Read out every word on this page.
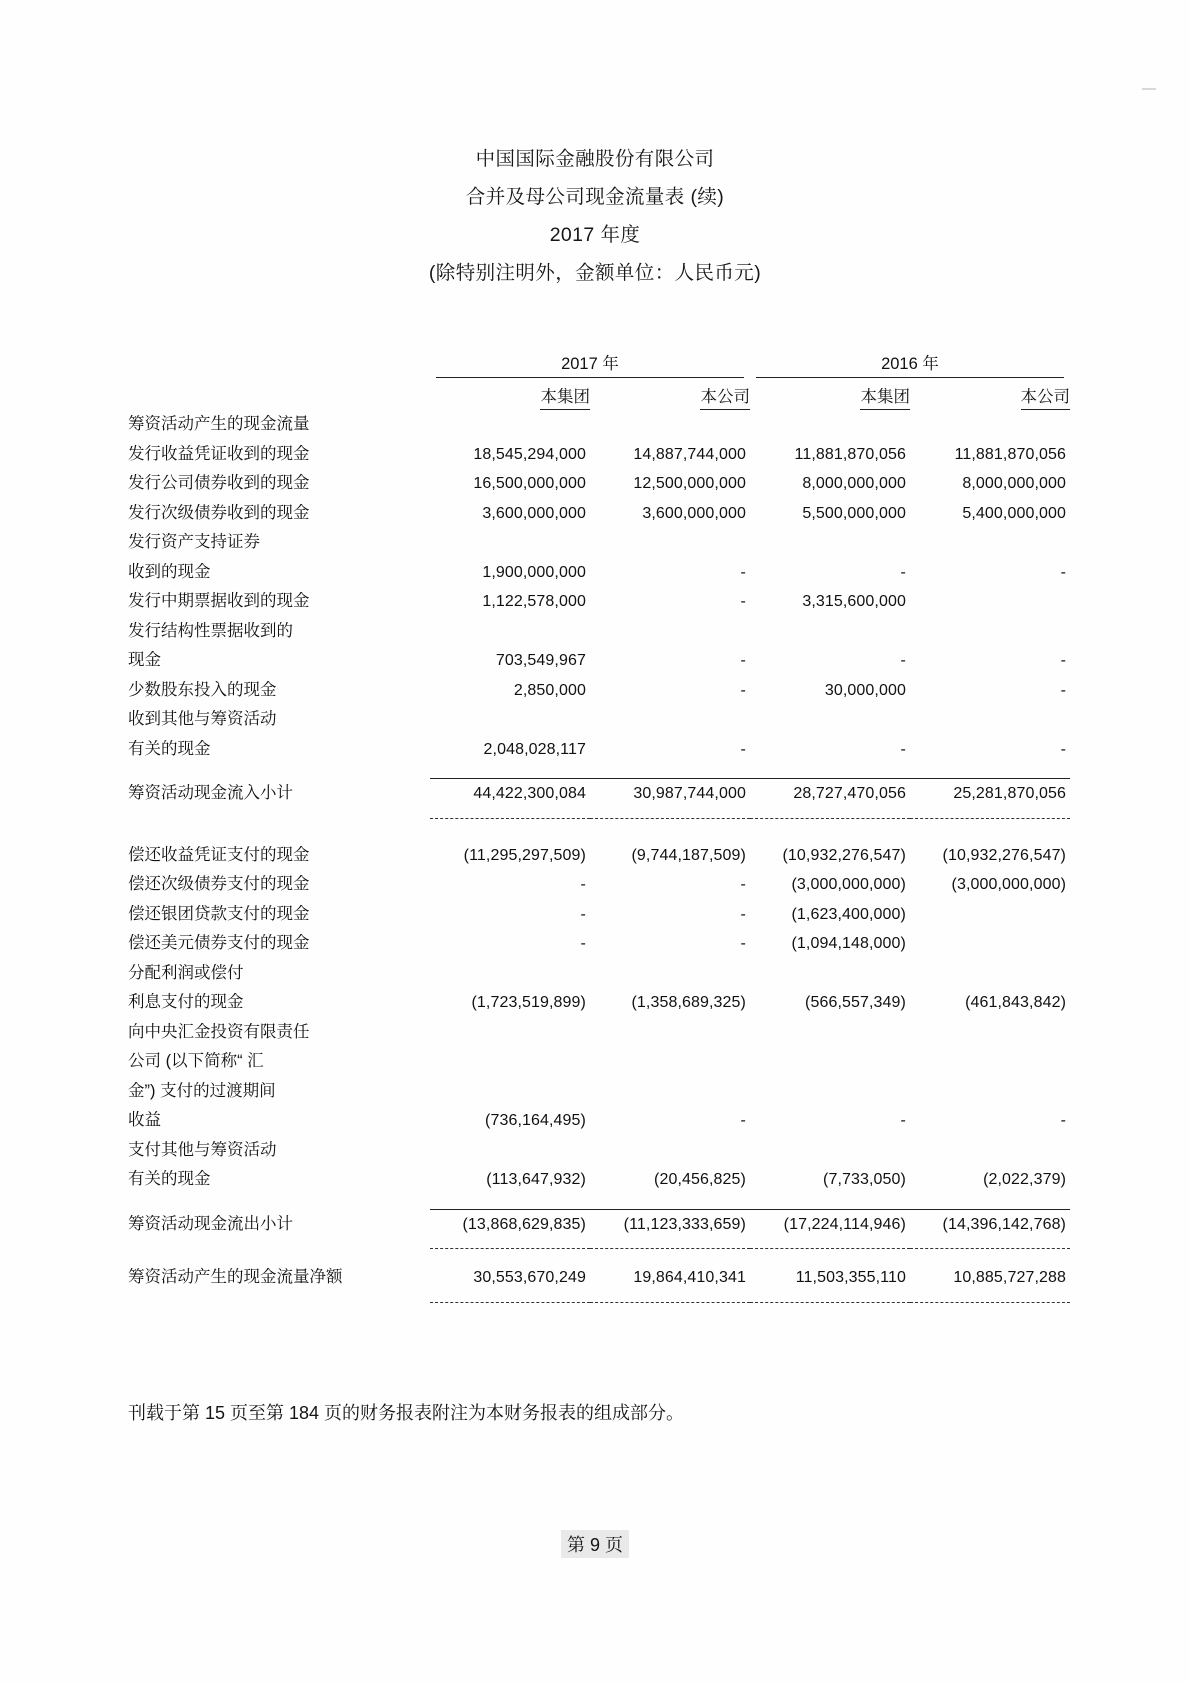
中国国际金融股份有限公司
合并及母公司现金流量表 (续)
2017 年度
(除特别注明外，金额单位：人民币元)

	2017 年		2016 年	

	本集团	本公司	本集团	本公司
筹资活动产生的现金流量				
发行收益凭证收到的现金	18,545,294,000	14,887,744,000	11,881,870,056	11,881,870,056
发行公司债券收到的现金	16,500,000,000	12,500,000,000	8,000,000,000	8,000,000,000
发行次级债券收到的现金	3,600,000,000	3,600,000,000	5,500,000,000	5,400,000,000
发行资产支持证券				
收到的现金	1,900,000,000	-	-	-
发行中期票据收到的现金	1,122,578,000	-	3,315,600,000	
发行结构性票据收到的				
现金	703,549,967	-	-	-
少数股东投入的现金	2,850,000	-	30,000,000	-
收到其他与筹资活动				
有关的现金	2,048,028,117	-	-	-

筹资活动现金流入小计	44,422,300,084	30,987,744,000	28,727,470,056	25,281,870,056

偿还收益凭证支付的现金	(11,295,297,509)	(9,744,187,509)	(10,932,276,547)	(10,932,276,547)
偿还次级债券支付的现金	-	-	(3,000,000,000)	(3,000,000,000)
偿还银团贷款支付的现金	-	-	(1,623,400,000)	
偿还美元债券支付的现金	-	-	(1,094,148,000)	
分配利润或偿付				
利息支付的现金	(1,723,519,899)	(1,358,689,325)	(566,557,349)	(461,843,842)
向中央汇金投资有限责任				
公司 (以下简称“ 汇				
金”) 支付的过渡期间				
收益	(736,164,495)	-	-	-
支付其他与筹资活动				
有关的现金	(113,647,932)	(20,456,825)	(7,733,050)	(2,022,379)

筹资活动现金流出小计	(13,868,629,835)	(11,123,333,659)	(17,224,114,946)	(14,396,142,768)

筹资活动产生的现金流量净额	30,553,670,249	19,864,410,341	11,503,355,110	10,885,727,288

刊载于第 15 页至第 184 页的财务报表附注为本财务报表的组成部分。
第 9 页
